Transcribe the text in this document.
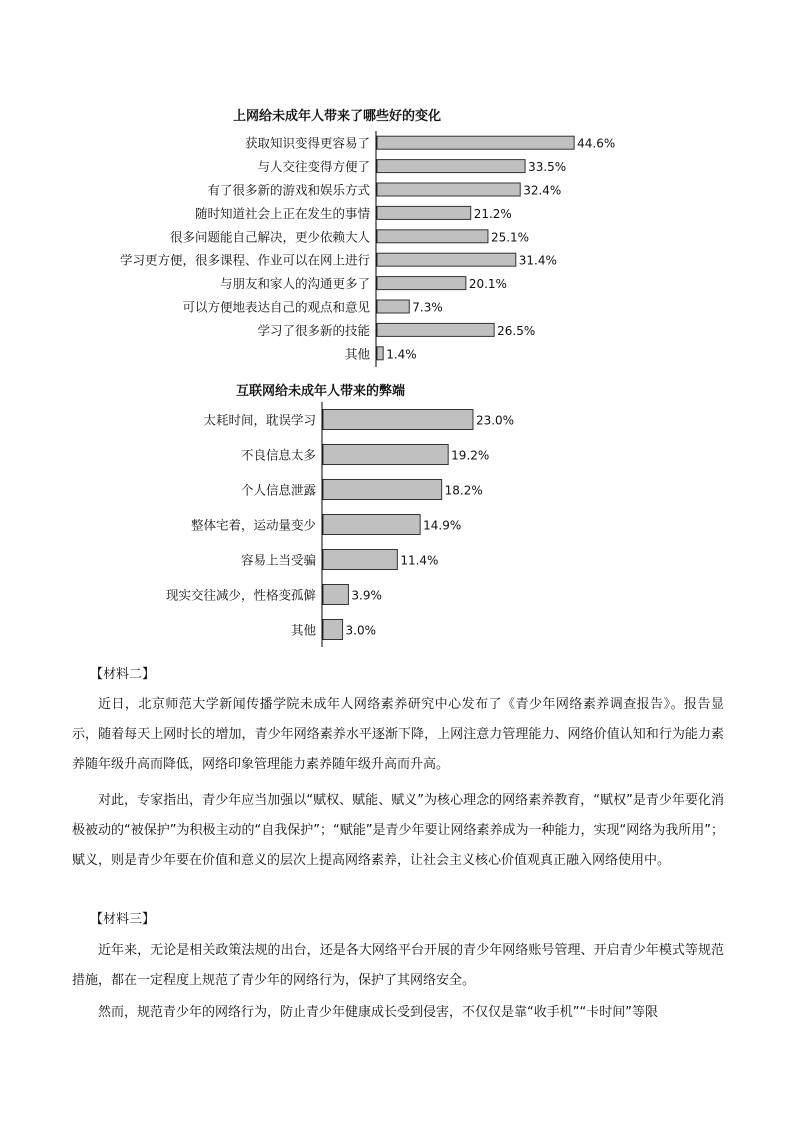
上网给未成年人带来了哪些好的变化
获取知识变得更容易了	44.6%
与人交往变得方便了	33.5%
有了很多新的游戏和娱乐方式	32.4%
随时知道社会上正在发生的事情	21.2%
很多问题能自己解决，更少依赖大人	25.1%
学习更方便，很多课程、作业可以在网上进行	31.4%
与朋友和家人的沟通更多了	20.1%
可以方便地表达自己的观点和意见	7.3%
学习了很多新的技能	26.5%
其他 1.4%
互联网给未成年人带来的弊端
太耗时间，耽误学习	23.0%
不良信息太多	19.2%
个人信息泄露	18.2%
整体宅着，运动量变少	14.9%
容易上当受骗	11.4%
现实交往减少，性格变孤僻	3.9%
其他 3.0%
【材料二】

近日，北京师范大学新闻传播学院未成年人网络素养研究中心发布了《青少年网络素养调查报告》。报告显示，随着每天上网时长的增加，青少年网络素养水平逐渐下降，上网注意力管理能力、网络价值认知和行为能力素养随年级升高而降低，网络印象管理能力素养随年级升高而升高。

对此，专家指出，青少年应当加强以“赋权、赋能、赋义”为核心理念的网络素养教育，“赋权”是青少年要化消极被动的“被保护”为积极主动的“自我保护”；“赋能”是青少年要让网络素养成为一种能力，实现“网络为我所用”；赋义，则是青少年要在价值和意义的层次上提高网络素养，让社会主义核心价值观真正融入网络使用中。

【材料三】

近年来，无论是相关政策法规的出台，还是各大网络平台开展的青少年网络账号管理、开启青少年模式等规范措施，都在一定程度上规范了青少年的网络行为，保护了其网络安全。

然而，规范青少年的网络行为，防止青少年健康成长受到侵害，不仅仅是靠“收手机”“卡时间”等限
